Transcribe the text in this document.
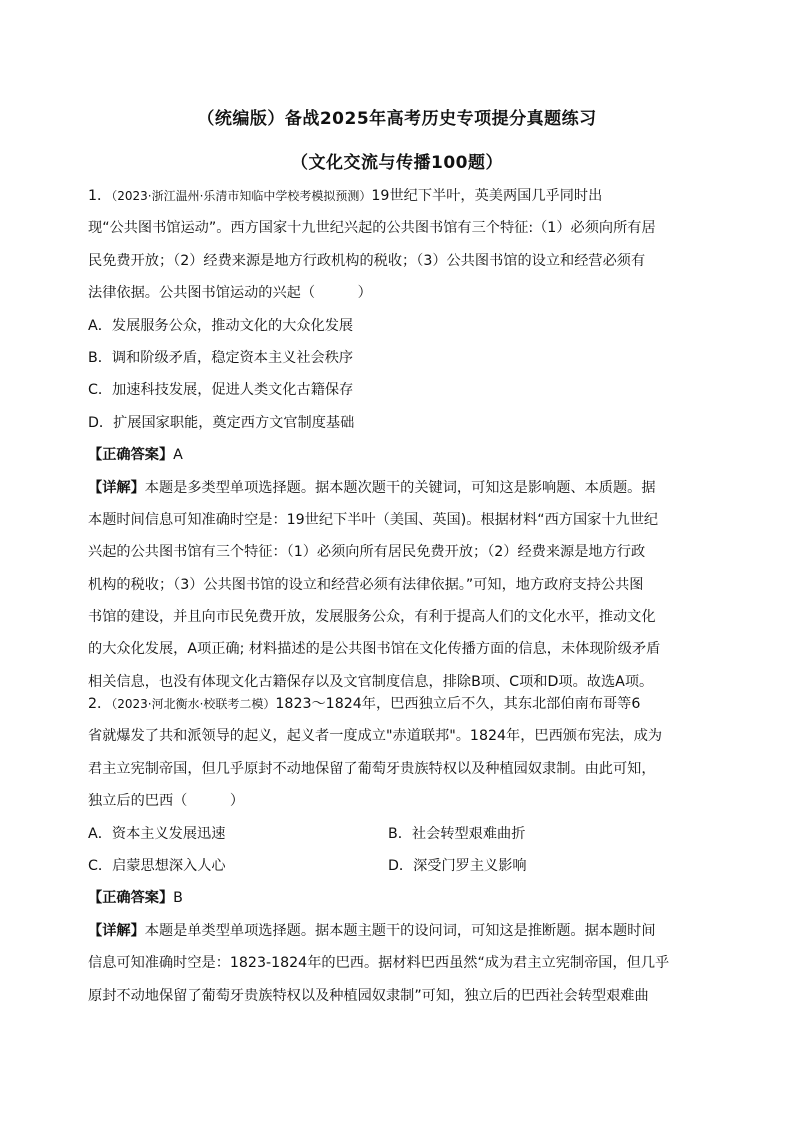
（统编版）备战2025年高考历史专项提分真题练习
（文化交流与传播100题）
1．（2023·浙江温州·乐清市知临中学校考模拟预测）19世纪下半叶，英美两国几乎同时出
现“公共图书馆运动”。西方国家十九世纪兴起的公共图书馆有三个特征:（1）必须向所有居
民免费开放；（2）经费来源是地方行政机构的税收；（3）公共图书馆的设立和经营必须有
法律依据。公共图书馆运动的兴起（　　　）
A．发展服务公众，推动文化的大众化发展
B．调和阶级矛盾，稳定资本主义社会秩序
C．加速科技发展，促进人类文化古籍保存
D．扩展国家职能，奠定西方文官制度基础
【正确答案】A
【详解】本题是多类型单项选择题。据本题次题干的关键词，可知这是影响题、本质题。据
本题时间信息可知准确时空是：19世纪下半叶（美国、英国)。根据材料“西方国家十九世纪
兴起的公共图书馆有三个特征：（1）必须向所有居民免费开放；（2）经费来源是地方行政
机构的税收；（3）公共图书馆的设立和经营必须有法律依据。”可知，地方政府支持公共图
书馆的建设，并且向市民免费开放，发展服务公众，有利于提高人们的文化水平，推动文化
的大众化发展，A项正确; 材料描述的是公共图书馆在文化传播方面的信息，未体现阶级矛盾
相关信息，也没有体现文化古籍保存以及文官制度信息，排除B项、C项和D项。故选A项。
2．（2023·河北衡水·校联考二模）1823～1824年，巴西独立后不久，其东北部伯南布哥等6
省就爆发了共和派领导的起义，起义者一度成立"赤道联邦"。1824年，巴西颁布宪法，成为
君主立宪制帝国，但几乎原封不动地保留了葡萄牙贵族特权以及种植园奴隶制。由此可知，
独立后的巴西（　　　）
A．资本主义发展迅速	B．社会转型艰难曲折
C．启蒙思想深入人心	D．深受门罗主义影响
【正确答案】B
【详解】本题是单类型单项选择题。据本题主题干的设问词，可知这是推断题。据本题时间
信息可知准确时空是：1823-1824年的巴西。据材料巴西虽然“成为君主立宪制帝国，但几乎
原封不动地保留了葡萄牙贵族特权以及种植园奴隶制”可知，独立后的巴西社会转型艰难曲
